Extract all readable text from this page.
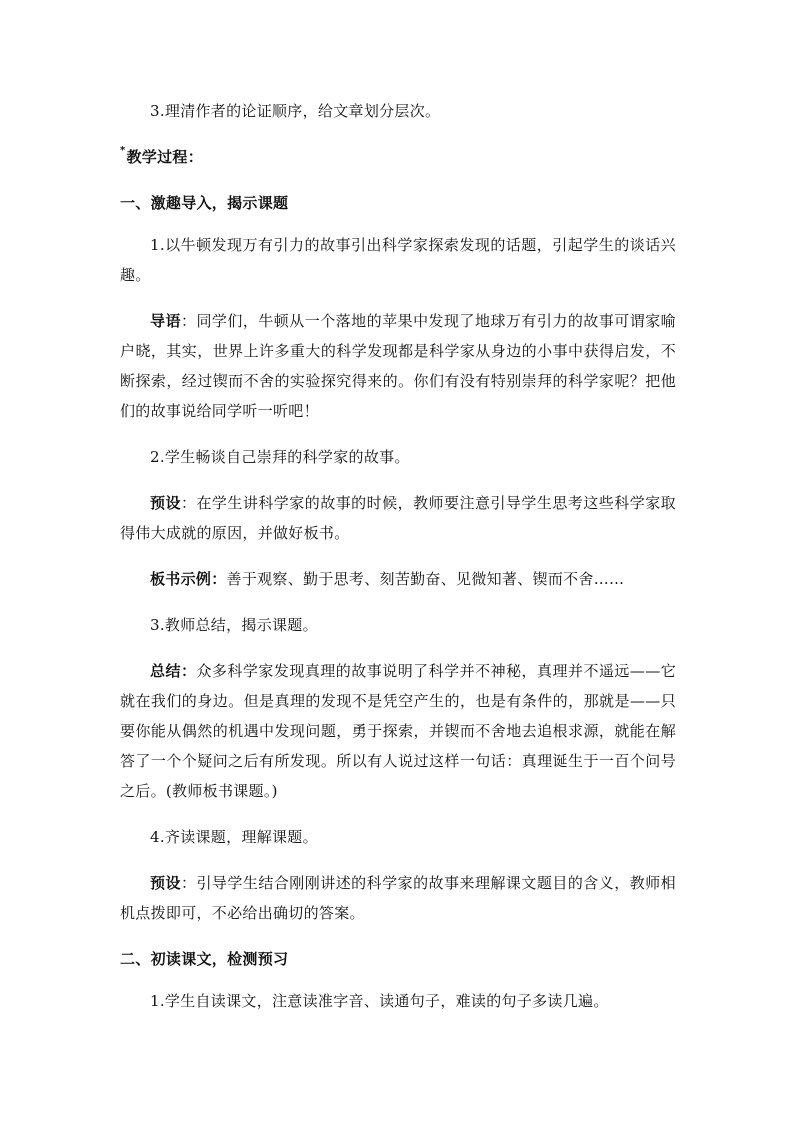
3.理清作者的论证顺序，给文章划分层次。

*教学过程：

一、激趣导入，揭示课题

1.以牛顿发现万有引力的故事引出科学家探索发现的话题，引起学生的谈话兴趣。

导语：同学们，牛顿从一个落地的苹果中发现了地球万有引力的故事可谓家喻户晓，其实，世界上许多重大的科学发现都是科学家从身边的小事中获得启发，不断探索，经过锲而不舍的实验探究得来的。你们有没有特别崇拜的科学家呢？把他们的故事说给同学听一听吧！

2.学生畅谈自己崇拜的科学家的故事。

预设：在学生讲科学家的故事的时候，教师要注意引导学生思考这些科学家取得伟大成就的原因，并做好板书。

板书示例：善于观察、勤于思考、刻苦勤奋、见微知著、锲而不舍……

3.教师总结，揭示课题。

总结：众多科学家发现真理的故事说明了科学并不神秘，真理并不遥远——它就在我们的身边。但是真理的发现不是凭空产生的，也是有条件的，那就是——只要你能从偶然的机遇中发现问题，勇于探索，并锲而不舍地去追根求源，就能在解答了一个个疑问之后有所发现。所以有人说过这样一句话：真理诞生于一百个问号之后。(教师板书课题。)

4.齐读课题，理解课题。

预设：引导学生结合刚刚讲述的科学家的故事来理解课文题目的含义，教师相机点拨即可，不必给出确切的答案。

二、初读课文，检测预习

1.学生自读课文，注意读准字音、读通句子，难读的句子多读几遍。
